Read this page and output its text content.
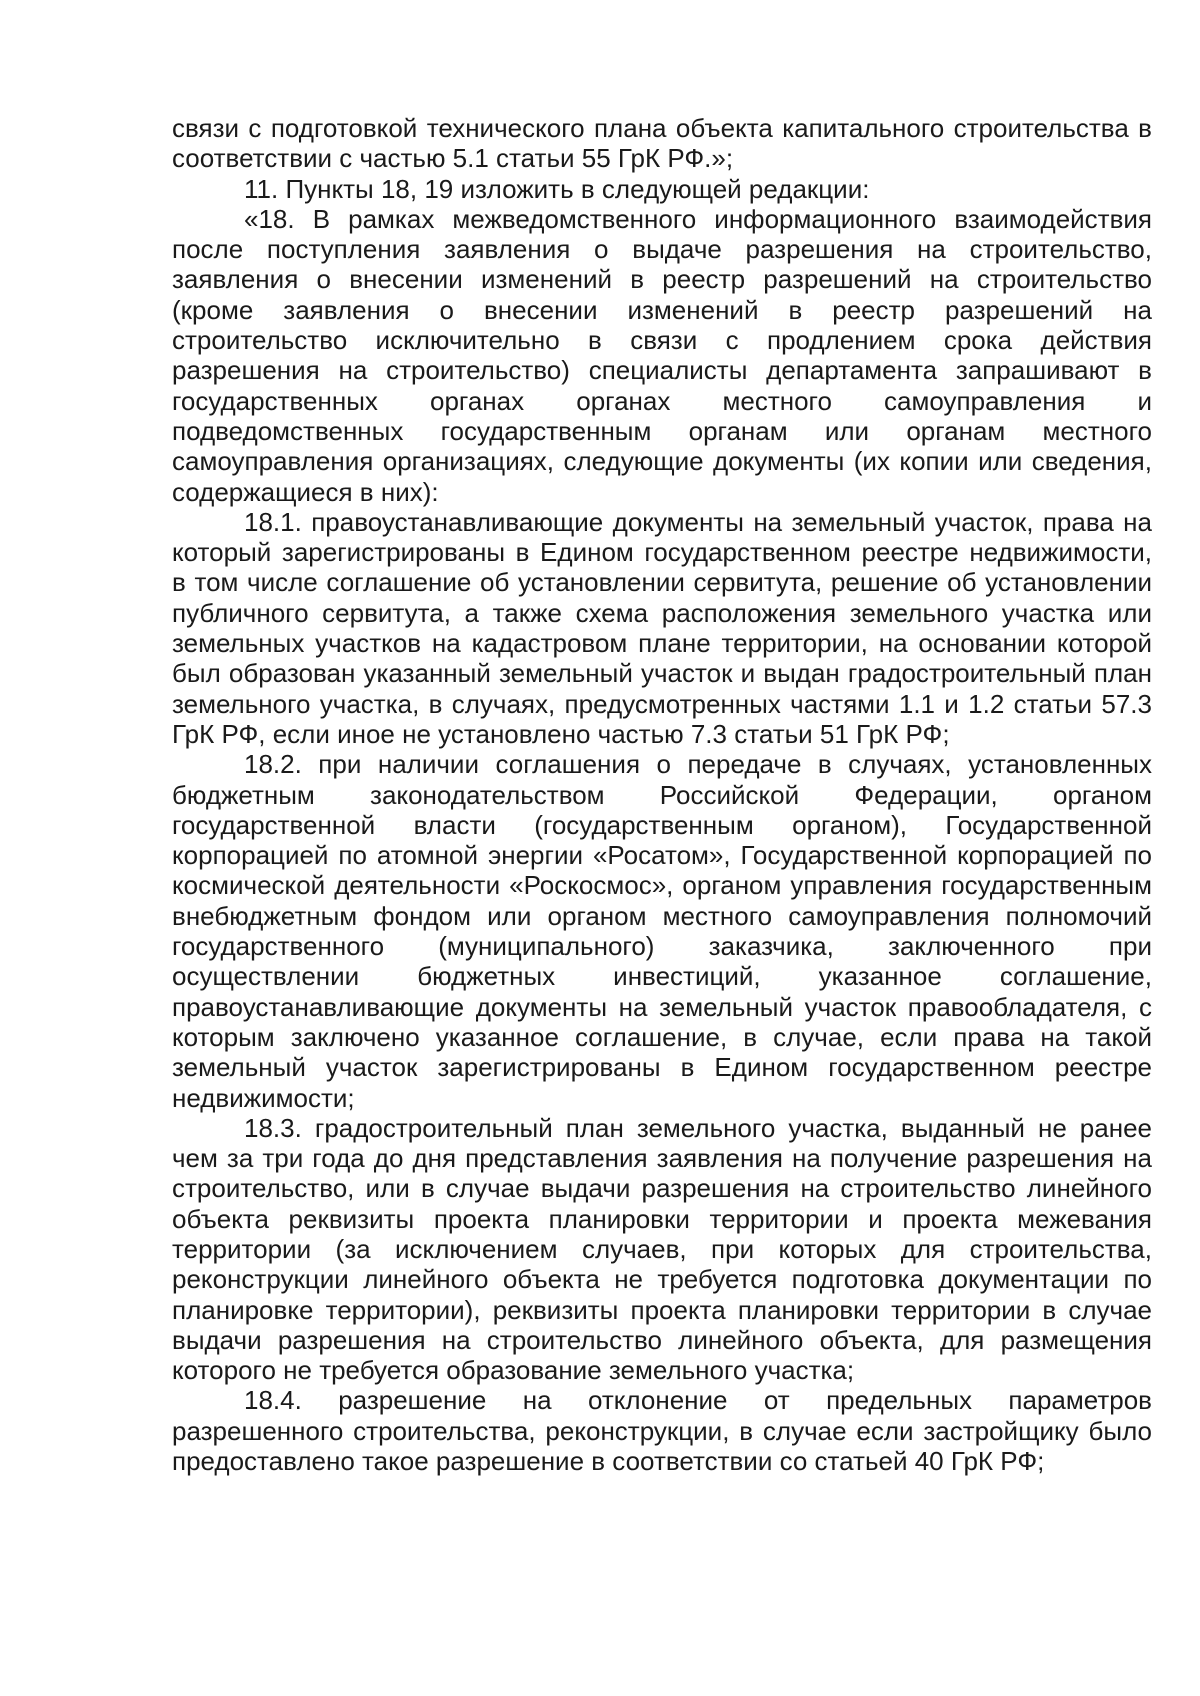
связи с подготовкой технического плана объекта капитального строительства в соответствии с частью 5.1 статьи 55 ГрК РФ.»;

11. Пункты 18, 19 изложить в следующей редакции:

«18. В рамках межведомственного информационного взаимодействия после поступления заявления о выдаче разрешения на строительство, заявления о внесении изменений в реестр разрешений на строительство (кроме заявления о внесении изменений в реестр разрешений на строительство исключительно в связи с продлением срока действия разрешения на строительство) специалисты департамента запрашивают в государственных органах органах местного самоуправления и подведомственных государственным органам или органам местного самоуправления организациях, следующие документы (их копии или сведения, содержащиеся в них):

18.1. правоустанавливающие документы на земельный участок, права на который зарегистрированы в Едином государственном реестре недвижимости, в том числе соглашение об установлении сервитута, решение об установлении публичного сервитута, а также схема расположения земельного участка или земельных участков на кадастровом плане территории, на основании которой был образован указанный земельный участок и выдан градостроительный план земельного участка, в случаях, предусмотренных частями 1.1 и 1.2 статьи 57.3 ГрК РФ, если иное не установлено частью 7.3 статьи 51 ГрК РФ;

18.2. при наличии соглашения о передаче в случаях, установленных бюджетным законодательством Российской Федерации, органом государственной власти (государственным органом), Государственной корпорацией по атомной энергии «Росатом», Государственной корпорацией по космической деятельности «Роскосмос», органом управления государственным внебюджетным фондом или органом местного самоуправления полномочий государственного (муниципального) заказчика, заключенного при осуществлении бюджетных инвестиций, указанное соглашение, правоустанавливающие документы на земельный участок правообладателя, с которым заключено указанное соглашение, в случае, если права на такой земельный участок зарегистрированы в Едином государственном реестре недвижимости;

18.3. градостроительный план земельного участка, выданный не ранее чем за три года до дня представления заявления на получение разрешения на строительство, или в случае выдачи разрешения на строительство линейного объекта реквизиты проекта планировки территории и проекта межевания территории (за исключением случаев, при которых для строительства, реконструкции линейного объекта не требуется подготовка документации по планировке территории), реквизиты проекта планировки территории в случае выдачи разрешения на строительство линейного объекта, для размещения которого не требуется образование земельного участка;

18.4. разрешение на отклонение от предельных параметров разрешенного строительства, реконструкции, в случае если застройщику было предоставлено такое разрешение в соответствии со статьей 40 ГрК РФ;
